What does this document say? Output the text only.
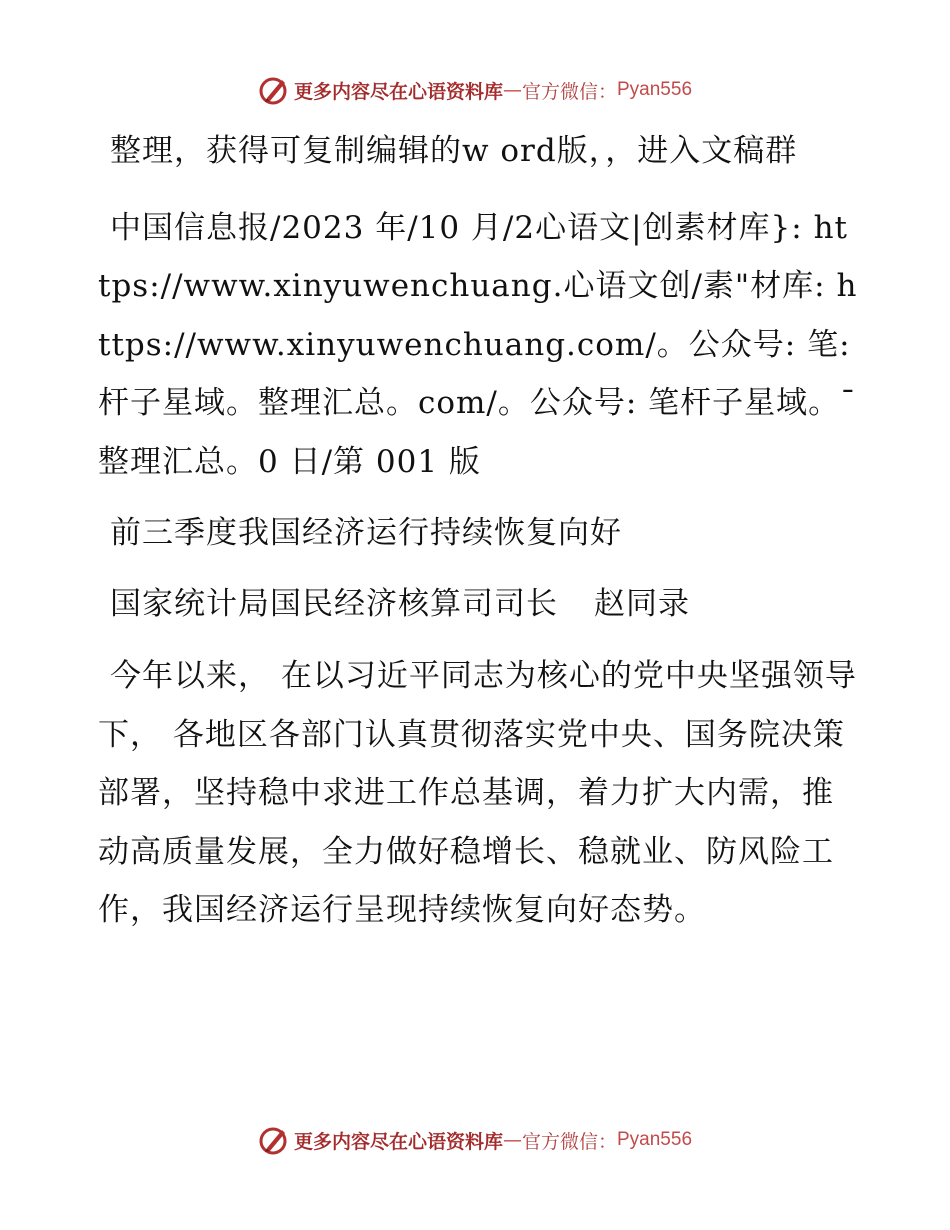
更多内容尽在心语资料库 — 官方微信： Pyan556

整理，获得可复制编辑的w ord版，，进入文稿群

中国信息报/2023 年/10 月/2心语文|创素材库}: https://www.xinyuwenchuang.心语文创/素"材库: https://www.xinyuwenchuang.com/。公众号: 笔:杆子星域。整理汇总。com/。公众号: 笔杆子星域。¯整理汇总。0 日/第 001 版

前三季度我国经济运行持续恢复向好

国家统计局国民经济核算司司长 赵同录

今年以来， 在以习近平同志为核心的党中央坚强领导下， 各地区各部门认真贯彻落实党中央、国务院决策部署，坚持稳中求进工作总基调，着力扩大内需，推动高质量发展，全力做好稳增长、稳就业、防风险工作，我国经济运行呈现持续恢复向好态势。

更多内容尽在心语资料库 — 官方微信： Pyan556
